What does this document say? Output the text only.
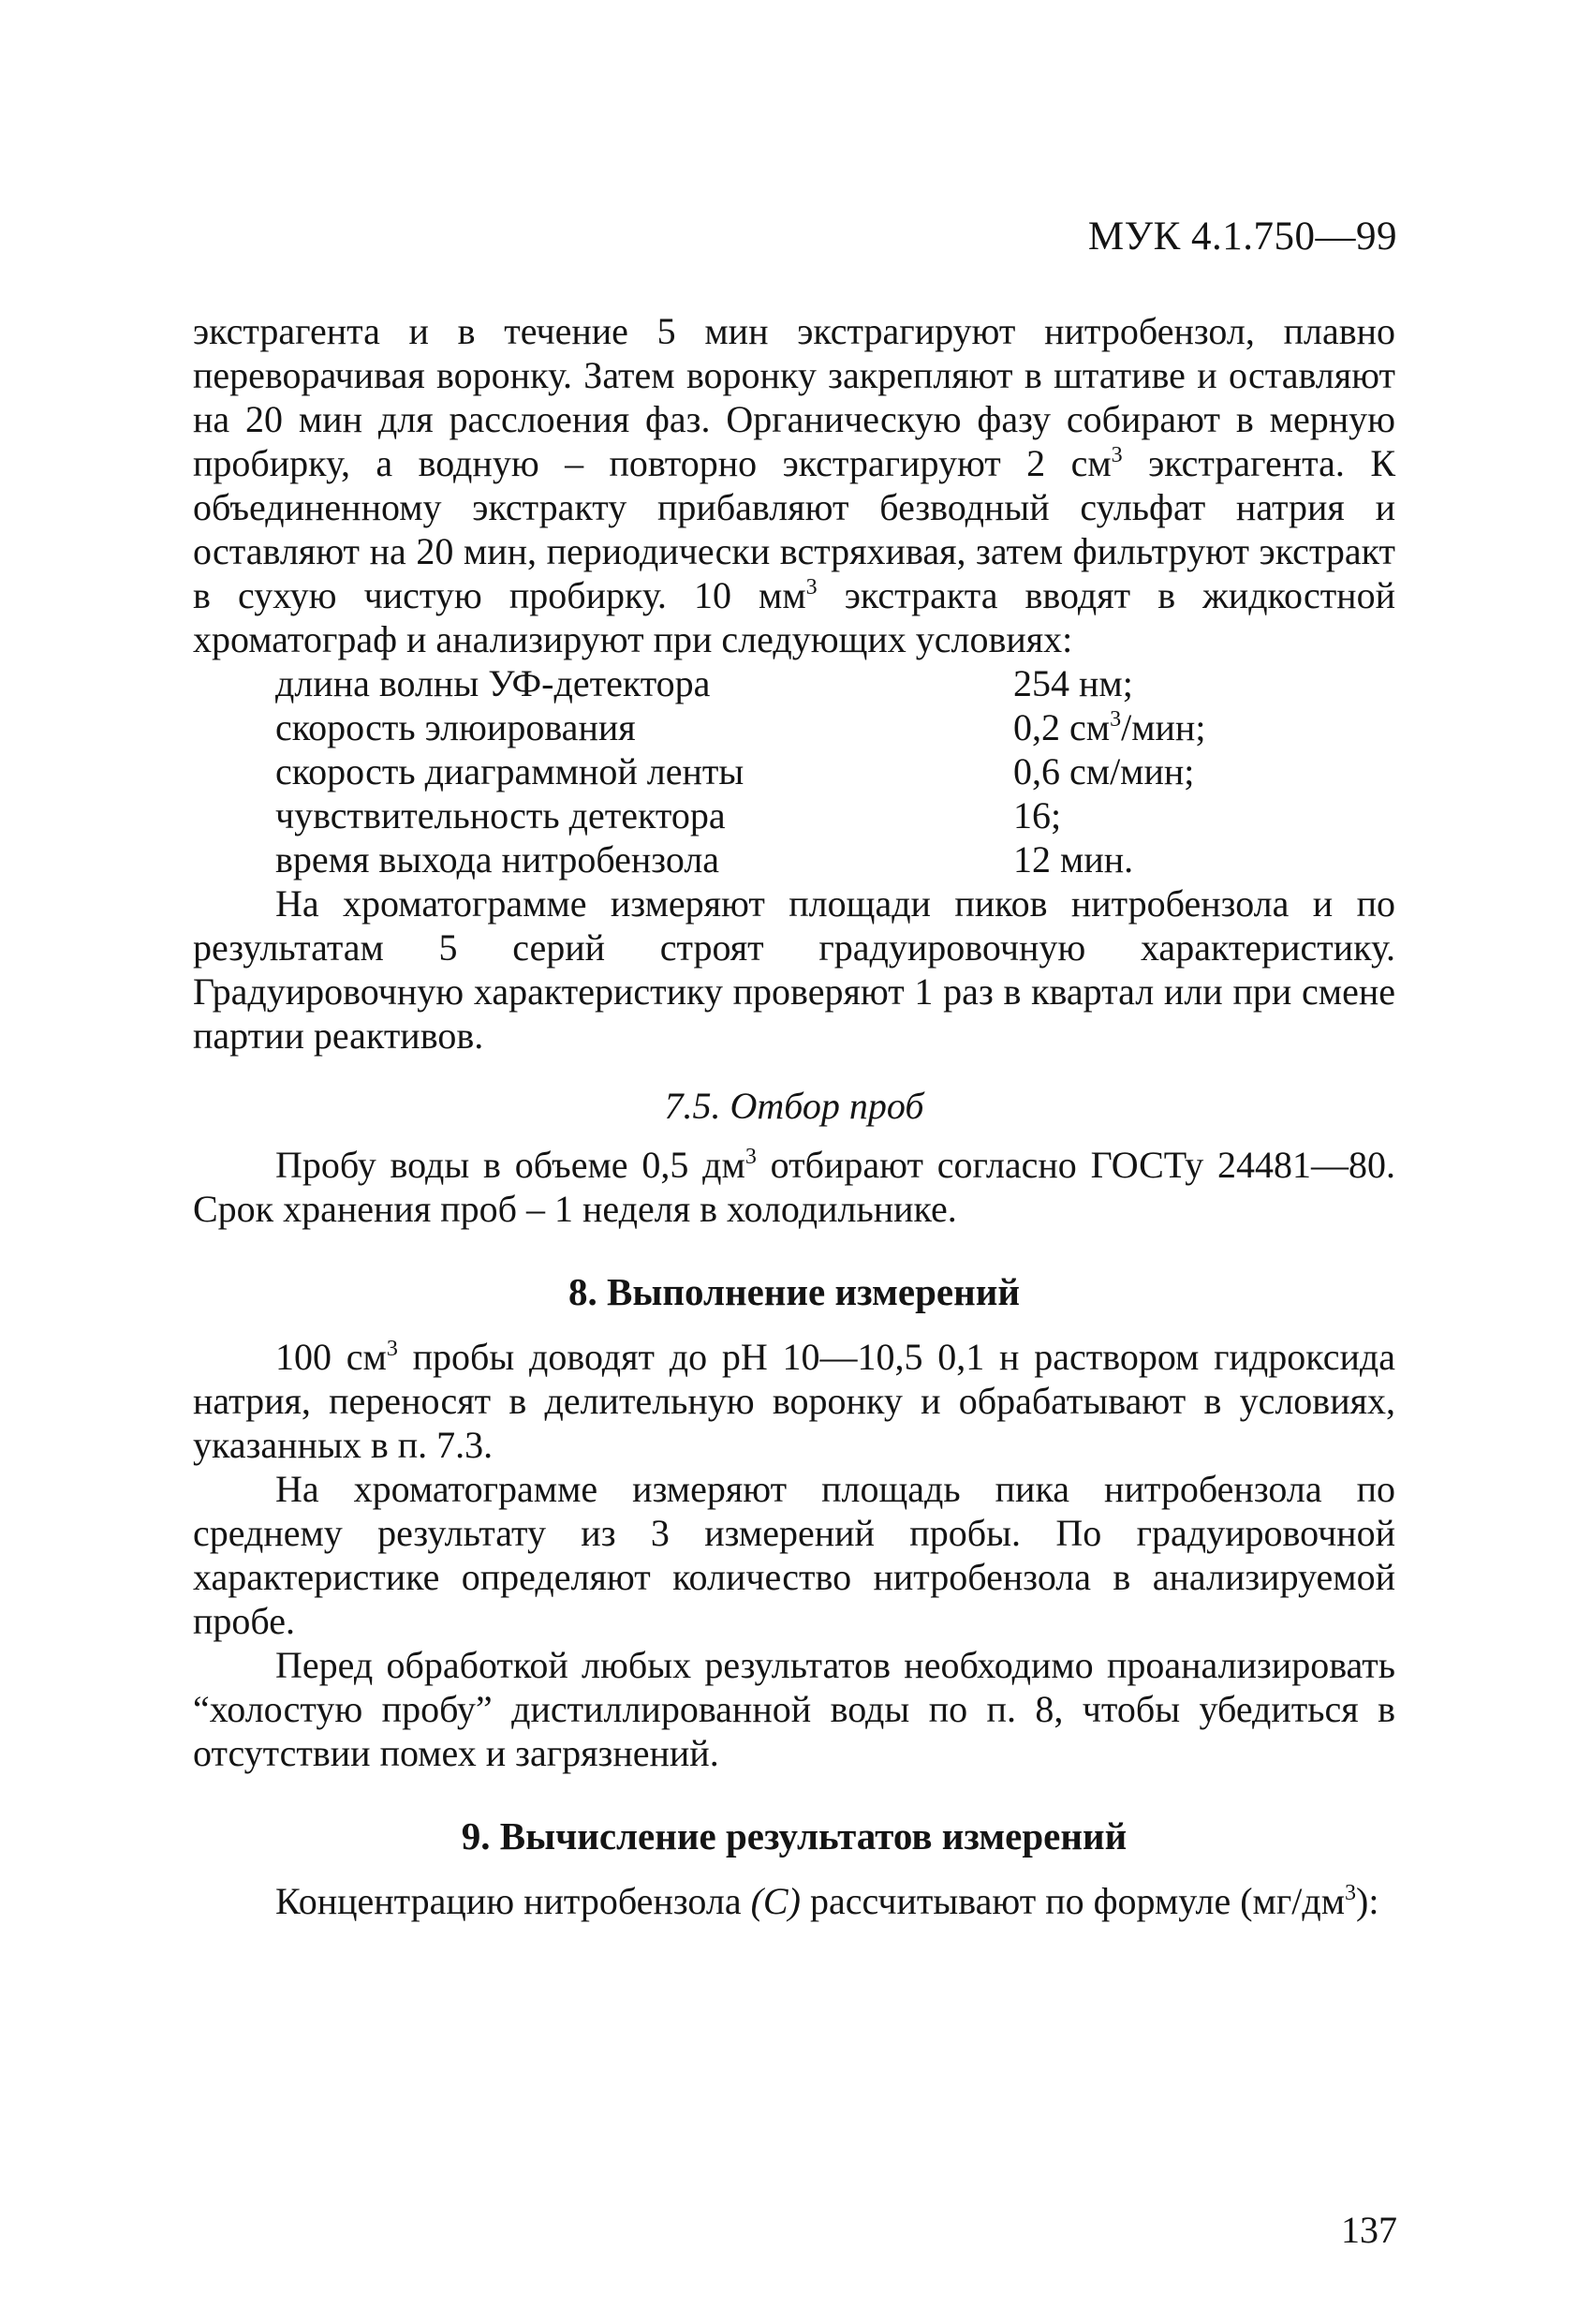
МУК 4.1.750—99

экстрагента и в течение 5 мин экстрагируют нитробензол, плавно переворачивая воронку. Затем воронку закрепляют в штативе и оставляют на 20 мин для расслоения фаз. Органическую фазу собирают в мерную пробирку, а водную – повторно экстрагируют 2 $см^3$ экстрагента. К объединенному экстракту прибавляют безводный сульфат натрия и оставляют на 20 мин, периодически встряхивая, затем фильтруют экстракт в сухую чистую пробирку. 10 $мм^3$ экстракта вводят в жидкостной хроматограф и анализируют при следующих условиях:

длина волны УФ-детектора	254 нм;
скорость элюирования	0,2 $см^3$/мин;
скорость диаграммной ленты	0,6 см/мин;
чувствительность детектора	16;
время выхода нитробензола	12 мин.

На хроматограмме измеряют площади пиков нитробензола и по результатам 5 серий строят градуировочную характеристику. Градуировочную характеристику проверяют 1 раз в квартал или при смене партии реактивов.

7.5. Отбор проб

Пробу воды в объеме 0,5 $дм^3$ отбирают согласно ГОСТу 24481—80. Срок хранения проб – 1 неделя в холодильнике.

8. Выполнение измерений

100 $см^3$ пробы доводят до pH 10—10,5 0,1 н раствором гидроксида натрия, переносят в делительную воронку и обрабатывают в условиях, указанных в п. 7.3.

На хроматограмме измеряют площадь пика нитробензола по среднему результату из 3 измерений пробы. По градуировочной характеристике определяют количество нитробензола в анализируемой пробе.

Перед обработкой любых результатов необходимо проанализировать “холостую пробу” дистиллированной воды по п. 8, чтобы убедиться в отсутствии помех и загрязнений.

9. Вычисление результатов измерений

Концентрацию нитробензола (С) рассчитывают по формуле $(мг/дм^3)$:

137
